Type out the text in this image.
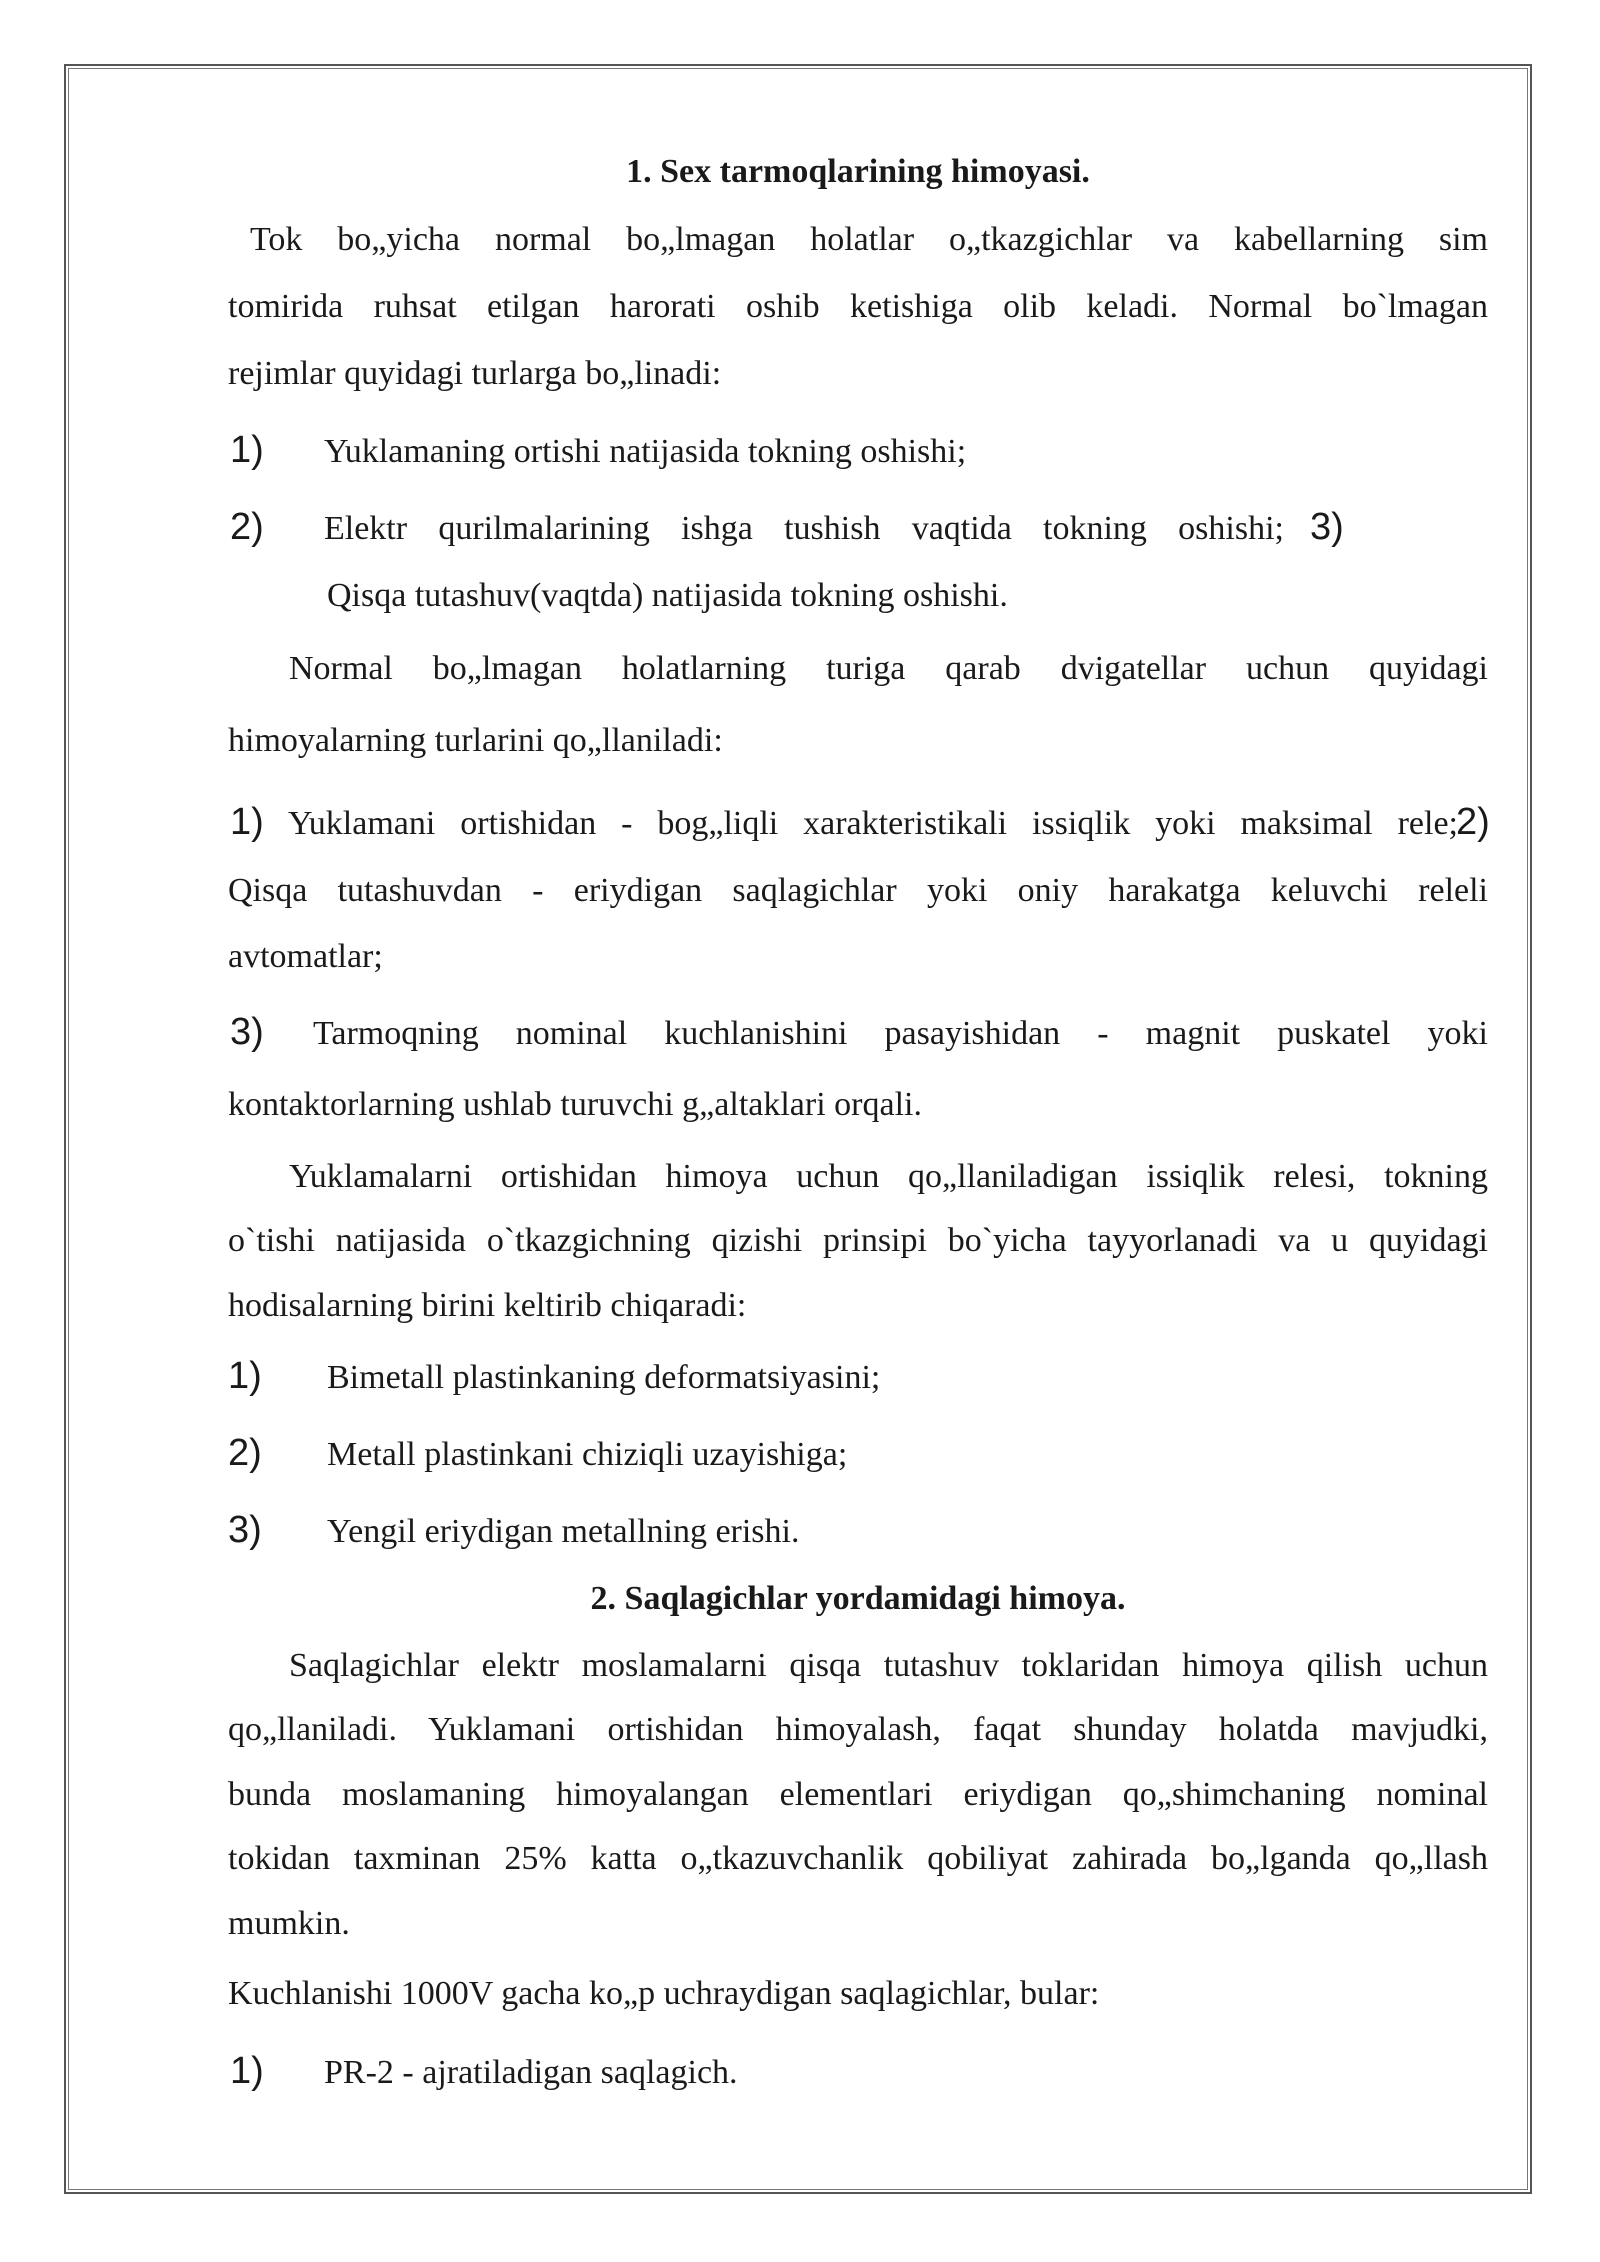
1. Sex tarmoqlarining himoyasi.
Tok bo„yicha normal bo„lmagan holatlar o„tkazgichlar va kabellarning sim
tomirida ruhsat etilgan harorati oshib ketishiga olib keladi. Normal bo`lmagan
rejimlar quyidagi turlarga bo„linadi:
1) Yuklamaning ortishi natijasida tokning oshishi;
2) Elektr qurilmalarining ishga tushish vaqtida tokning oshishi; 3)
Qisqa tutashuv(vaqtda) natijasida tokning oshishi.
Normal bo„lmagan holatlarning turiga qarab dvigatellar uchun quyidagi
himoyalarning turlarini qo„llaniladi:
1) Yuklamani ortishidan - bog„liqli xarakteristikali issiqlik yoki maksimal rele;
2)
Qisqa tutashuvdan - eriydigan saqlagichlar yoki oniy harakatga keluvchi releli
avtomatlar;
3) Tarmoqning nominal kuchlanishini pasayishidan - magnit puskatel yoki
kontaktorlarning ushlab turuvchi g„altaklari orqali.
Yuklamalarni ortishidan himoya uchun qo„llaniladigan issiqlik relesi, tokning
o`tishi natijasida o`tkazgichning qizishi prinsipi bo`yicha tayyorlanadi va u quyidagi
hodisalarning birini keltirib chiqaradi:
1) Bimetall plastinkaning deformatsiyasini;
2) Metall plastinkani chiziqli uzayishiga;
3) Yengil eriydigan metallning erishi.
2. Saqlagichlar yordamidagi himoya.
Saqlagichlar elektr moslamalarni qisqa tutashuv toklaridan himoya qilish uchun
qo„llaniladi. Yuklamani ortishidan himoyalash, faqat shunday holatda mavjudki,
bunda moslamaning himoyalangan elementlari eriydigan qo„shimchaning nominal
tokidan taxminan 25% katta o„tkazuvchanlik qobiliyat zahirada bo„lganda qo„llash
mumkin.
Kuchlanishi 1000V gacha ko„p uchraydigan saqlagichlar, bular:
1) PR-2 - ajratiladigan saqlagich.
